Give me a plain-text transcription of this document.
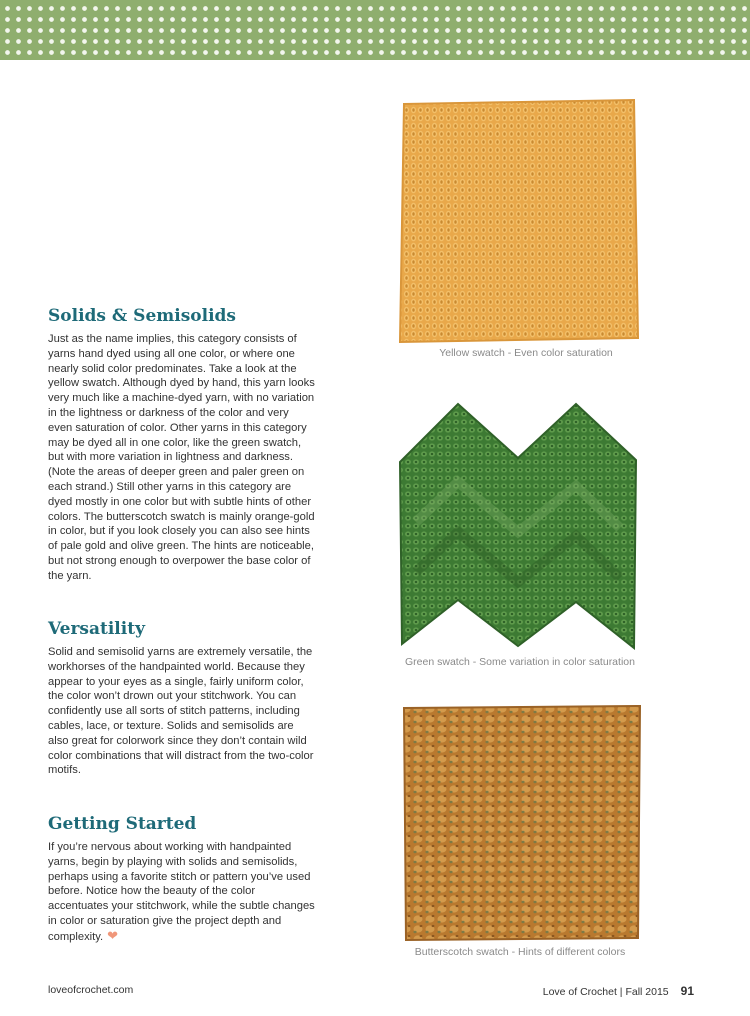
Solids & Semisolids

Just as the name implies, this category consists of yarns hand dyed using all one color, or where one nearly solid color predominates. Take a look at the yellow swatch. Although dyed by hand, this yarn looks very much like a machine-dyed yarn, with no variation in the lightness or darkness of the color and very even saturation of color. Other yarns in this category may be dyed all in one color, like the green swatch, but with more variation in lightness and darkness. (Note the areas of deeper green and paler green on each strand.) Still other yarns in this category are dyed mostly in one color but with subtle hints of other colors. The butterscotch swatch is mainly orange-gold in color, but if you look closely you can also see hints of pale gold and olive green. The hints are noticeable, but not strong enough to overpower the base color of the yarn.

Versatility

Solid and semisolid yarns are extremely versatile, the workhorses of the handpainted world. Because they appear to your eyes as a single, fairly uniform color, the color won’t drown out your stitchwork. You can confidently use all sorts of stitch patterns, including cables, lace, or texture. Solids and semisolids are also great for colorwork since they don’t contain wild color combinations that will distract from the two-color motifs.

Getting Started

If you’re nervous about working with handpainted yarns, begin by playing with solids and semisolids, perhaps using a favorite stitch or pattern you’ve used before. Notice how the beauty of the color accentuates your stitchwork, while the subtle changes in color or saturation give the project depth and complexity. ❤

Yellow swatch - Even color saturation
Green swatch - Some variation in color saturation
Butterscotch swatch - Hints of different colors
loveofcrochet.com	Love of Crochet | Fall 2015 91
